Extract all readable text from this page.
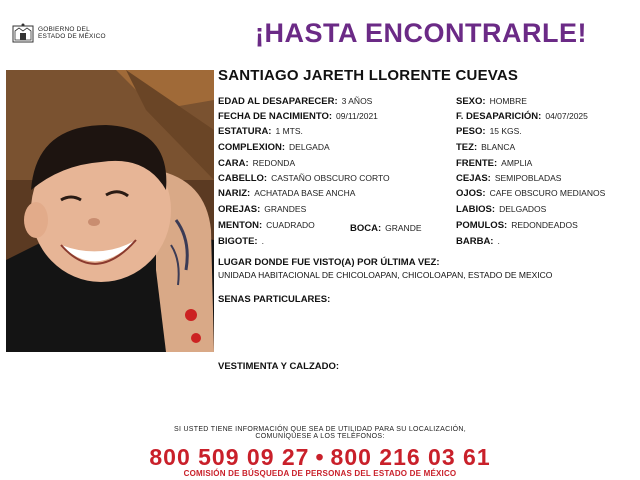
GOBIERNO DEL
ESTADO DE MÉXICO	¡HASTA ENCONTRARLE!
SANTIAGO JARETH LLORENTE CUEVAS
EDAD AL DESAPARECER: 3 AÑOS	SEXO: HOMBRE
FECHA DE NACIMIENTO: 09/11/2021	F. DESAPARICIÓN: 04/07/2025
ESTATURA: 1 MTS.	PESO: 15 KGS.
COMPLEXION: DELGADA	TEZ: BLANCA
CARA: REDONDA	FRENTE: AMPLIA
CABELLO: CASTAÑO OBSCURO CORTO	CEJAS: SEMIPOBLADAS
NARIZ: ACHATADA BASE ANCHA	OJOS: CAFE OBSCURO MEDIANOS
OREJAS: GRANDES	LABIOS: DELGADOS
MENTON: CUADRADO	BOCA: GRANDE	POMULOS: REDONDEADOS
BIGOTE: .	BARBA: .
LUGAR DONDE FUE VISTO(A) POR ÚLTIMA VEZ:
UNIDADA HABITACIONAL DE CHICOLOAPAN, CHICOLOAPAN, ESTADO DE MEXICO
SENAS PARTICULARES:
VESTIMENTA Y CALZADO:
SI USTED TIENE INFORMACIÓN QUE SEA DE UTILIDAD PARA SU LOCALIZACIÓN,
COMUNÍQUESE A LOS TELÉFONOS:
800 509 09 27 • 800 216 03 61
COMISIÓN DE BÚSQUEDA DE PERSONAS DEL ESTADO DE MÉXICO
